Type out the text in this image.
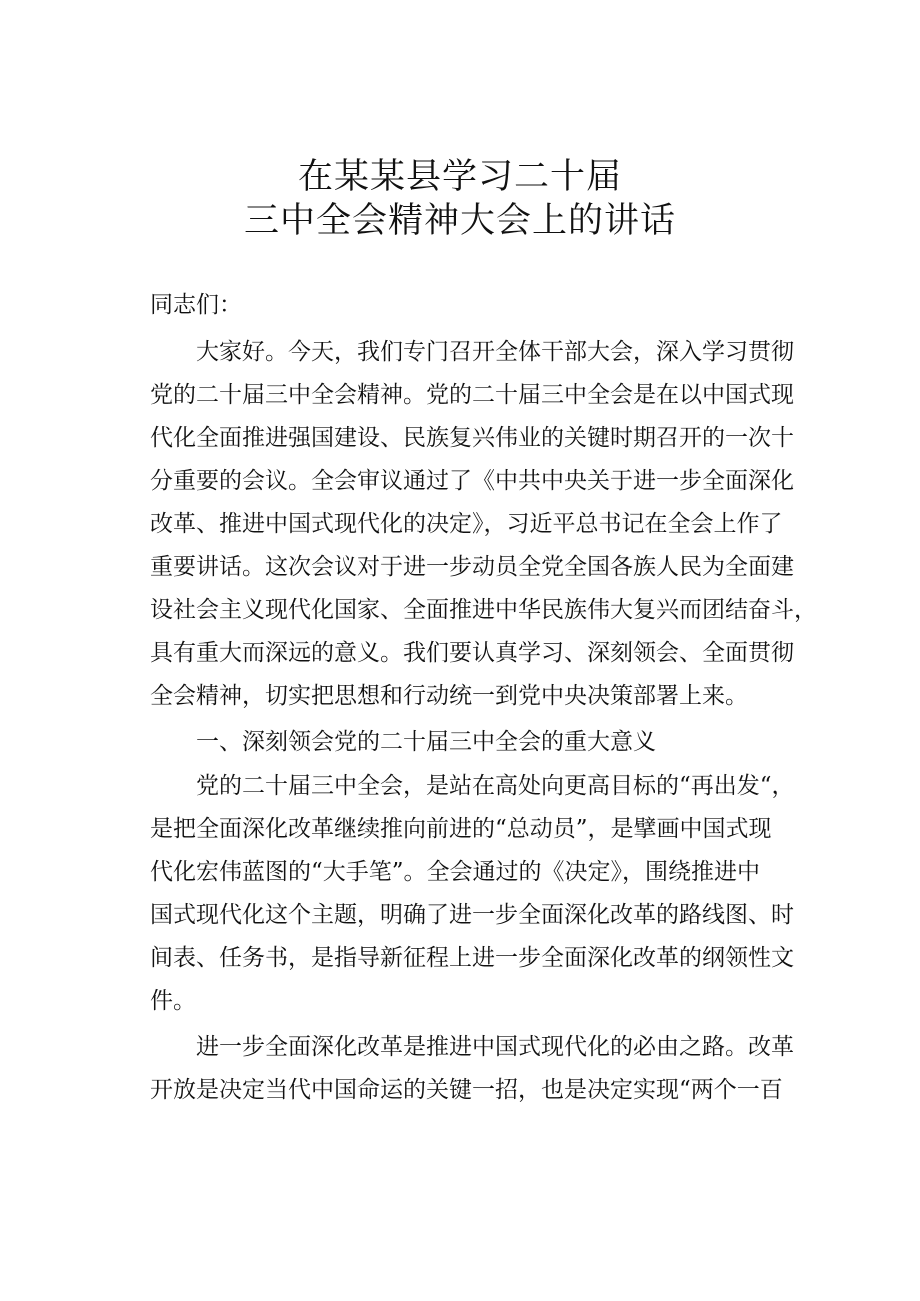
在某某县学习二十届
三中全会精神大会上的讲话
同志们：
大家好。今天，我们专门召开全体干部大会，深入学习贯彻
党的二十届三中全会精神。党的二十届三中全会是在以中国式现
代化全面推进强国建设、民族复兴伟业的关键时期召开的一次十
分重要的会议。全会审议通过了《中共中央关于进一步全面深化
改革、推进中国式现代化的决定》，习近平总书记在全会上作了
重要讲话。这次会议对于进一步动员全党全国各族人民为全面建
设社会主义现代化国家、全面推进中华民族伟大复兴而团结奋斗，
具有重大而深远的意义。我们要认真学习、深刻领会、全面贯彻
全会精神，切实把思想和行动统一到党中央决策部署上来。
一、深刻领会党的二十届三中全会的重大意义
党的二十届三中全会，是站在高处向更高目标的“再出发“，
是把全面深化改革继续推向前进的“总动员”，是擘画中国式现
代化宏伟蓝图的“大手笔”。全会通过的《决定》，围绕推进中
国式现代化这个主题，明确了进一步全面深化改革的路线图、时
间表、任务书，是指导新征程上进一步全面深化改革的纲领性文
件。
进一步全面深化改革是推进中国式现代化的必由之路。改革
开放是决定当代中国命运的关键一招，也是决定实现“两个一百
